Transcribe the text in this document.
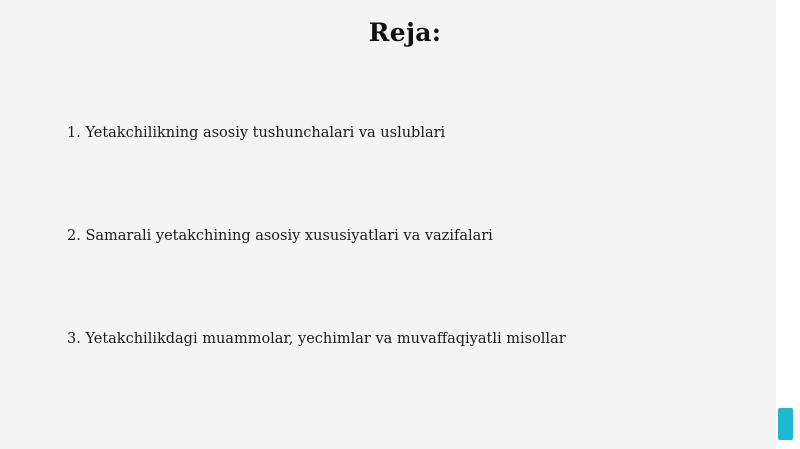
Reja:
1. Yetakchilikning asosiy tushunchalari va uslublari
2. Samarali yetakchining asosiy xususiyatlari va vazifalari
3. Yetakchilikdagi muammolar, yechimlar va muvaffaqiyatli misollar
